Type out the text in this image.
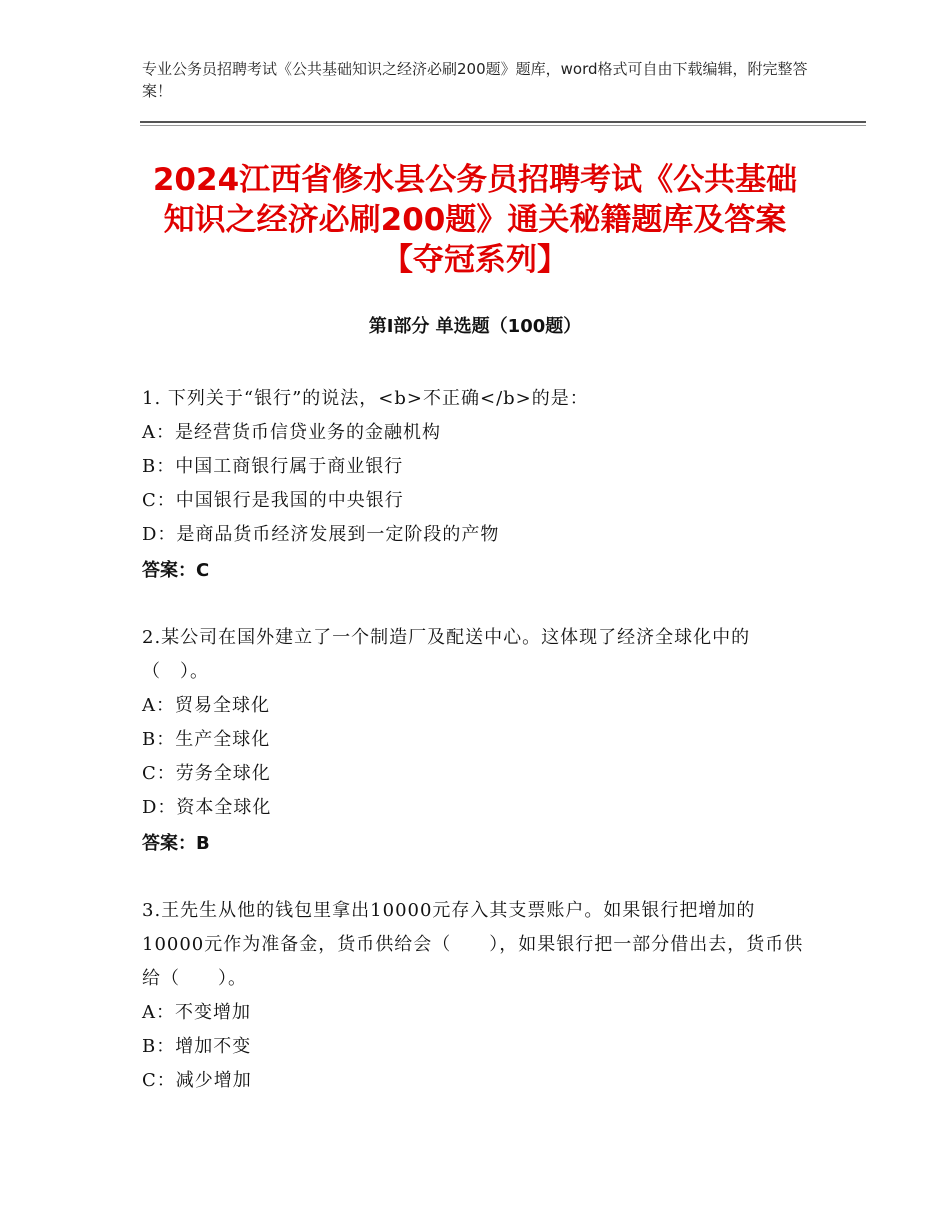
专业公务员招聘考试《公共基础知识之经济必刷200题》题库，word格式可自由下载编辑，附完整答案！
2024江西省修水县公务员招聘考试《公共基础知识之经济必刷200题》通关秘籍题库及答案【夺冠系列】
第Ⅰ部分 单选题（100题）
1. 下列关于“银行”的说法，<b>不正确</b>的是：
A：是经营货币信贷业务的金融机构
B：中国工商银行属于商业银行
C：中国银行是我国的中央银行
D：是商品货币经济发展到一定阶段的产物
答案：C
2.某公司在国外建立了一个制造厂及配送中心。这体现了经济全球化中的（　）。
A：贸易全球化
B：生产全球化
C：劳务全球化
D：资本全球化
答案：B
3.王先生从他的钱包里拿出10000元存入其支票账户。如果银行把增加的10000元作为准备金，货币供给会（　　），如果银行把一部分借出去，货币供给（　　）。
A：不变增加
B：增加不变
C：减少增加
